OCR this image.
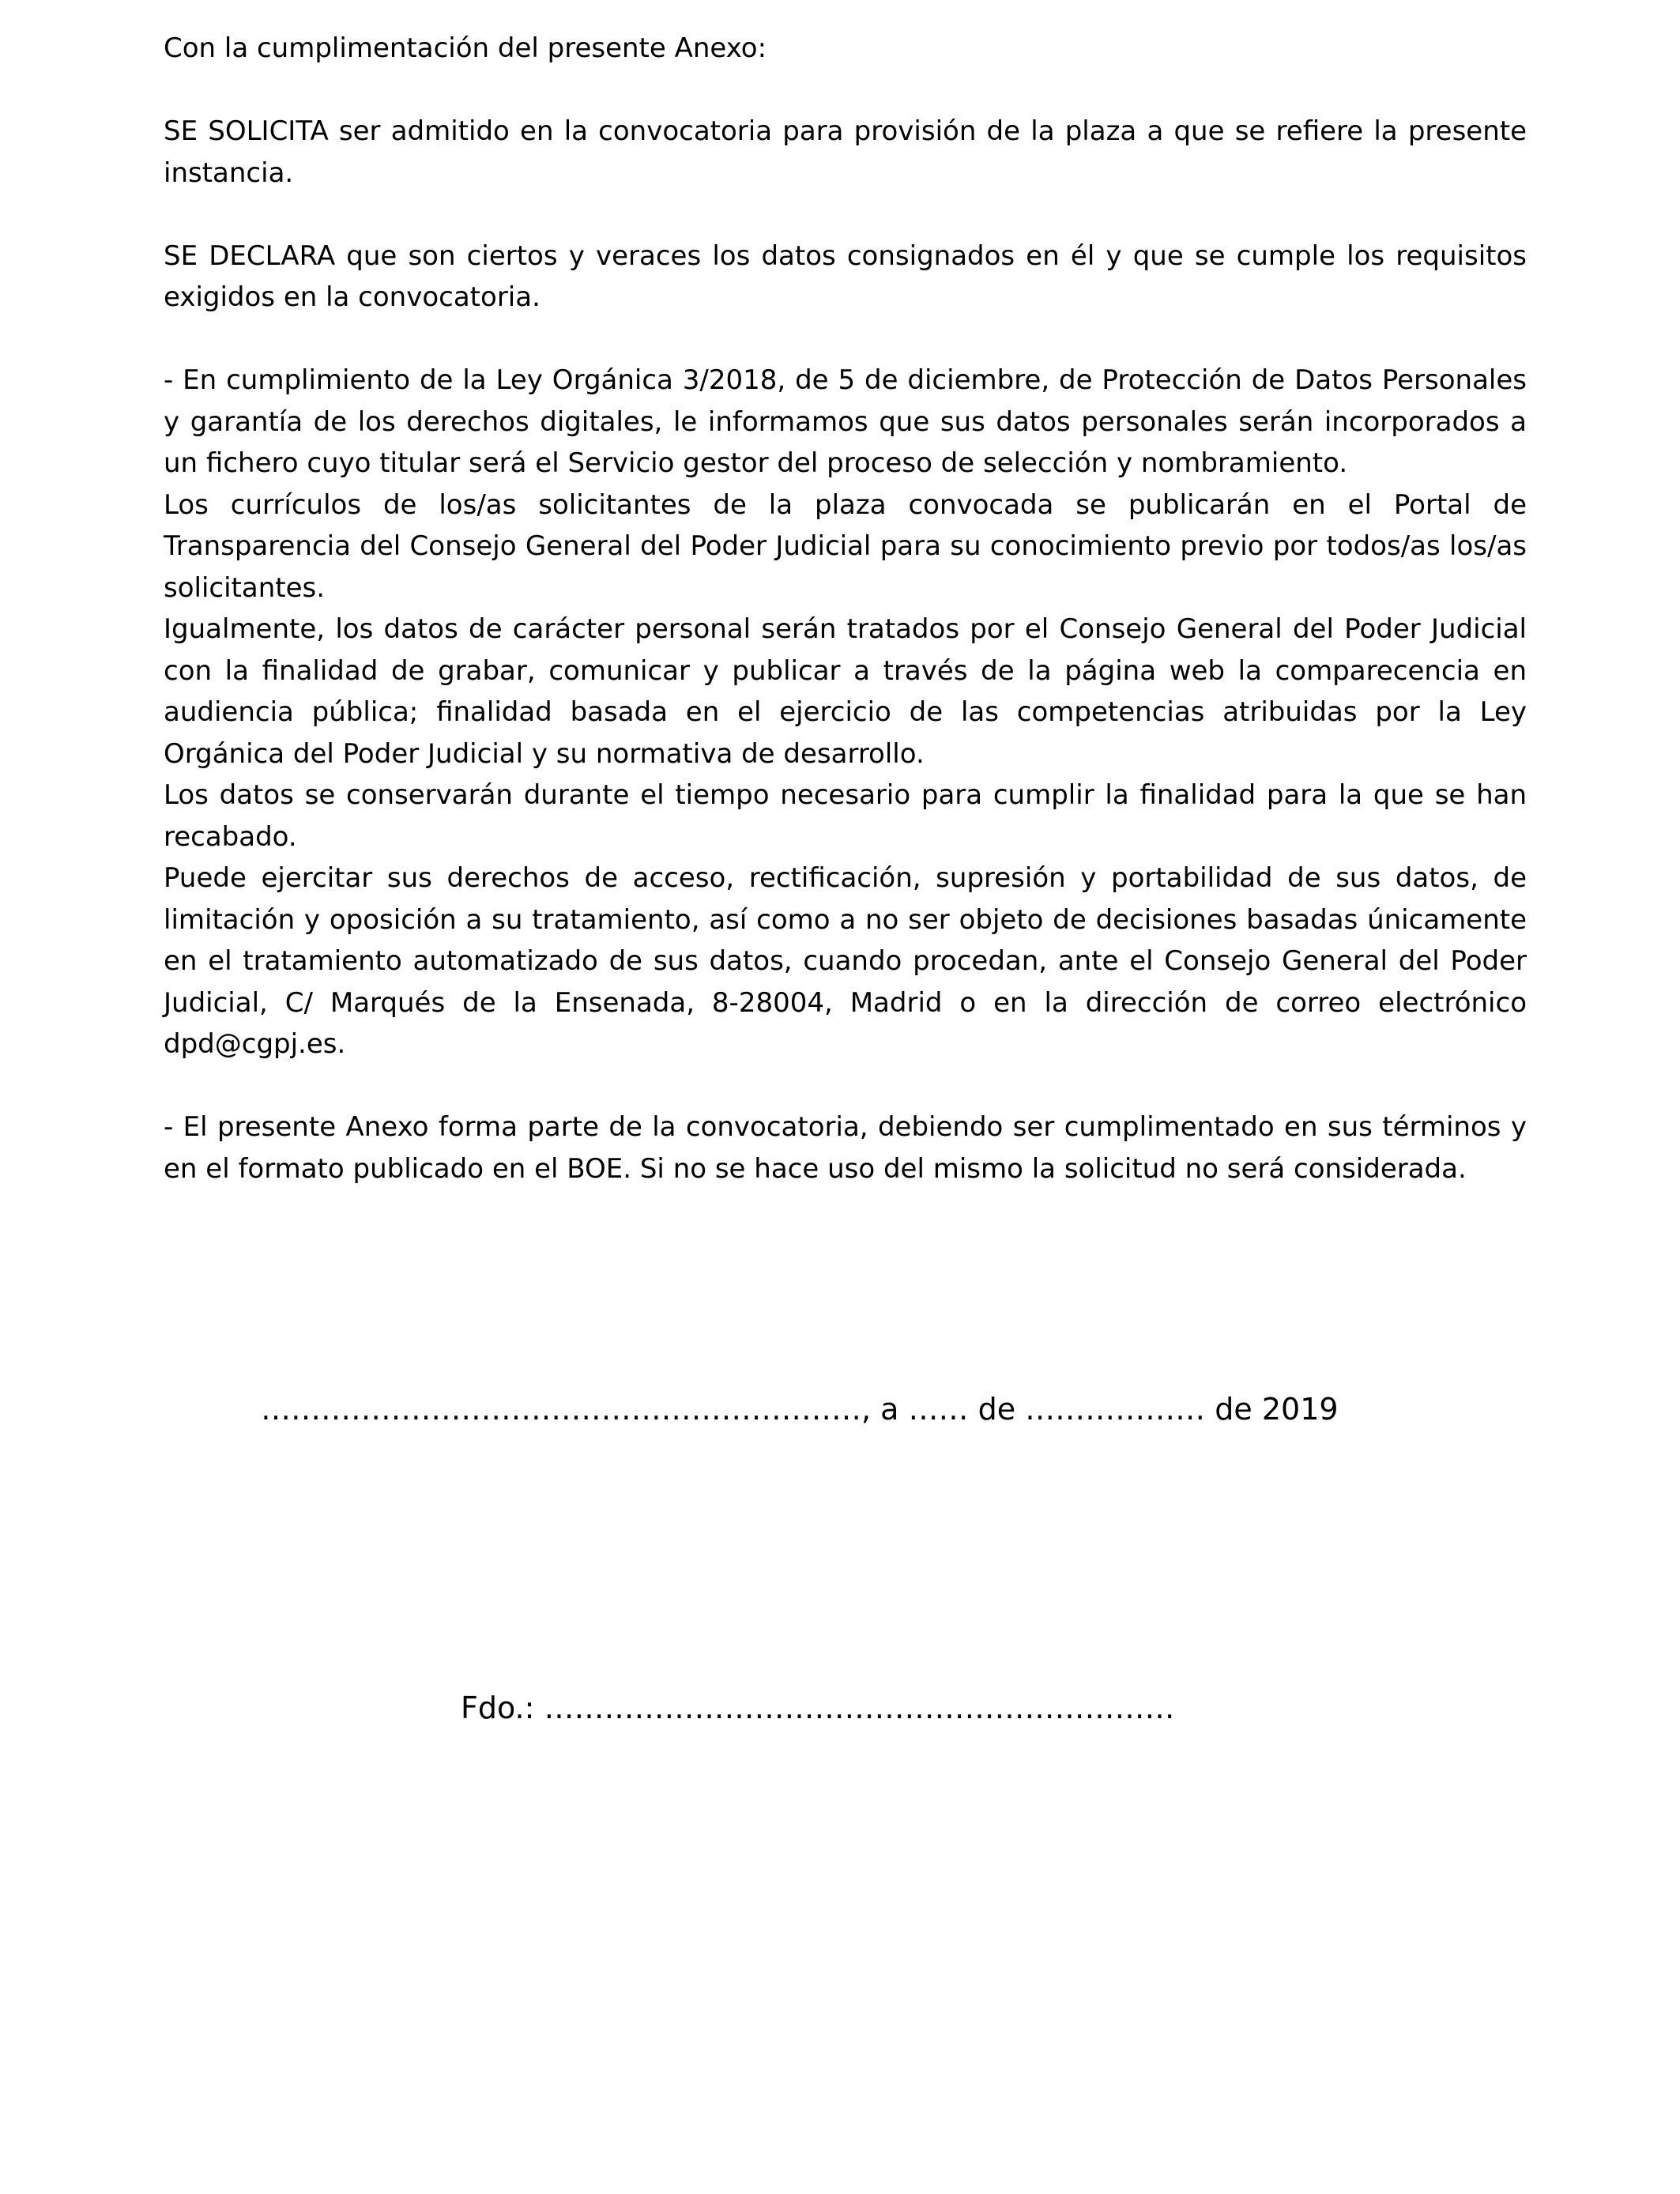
Con la cumplimentación del presente Anexo:

SE SOLICITA ser admitido en la convocatoria para provisión de la plaza a que se refiere la presente instancia.

SE DECLARA que son ciertos y veraces los datos consignados en él y que se cumple los requisitos exigidos en la convocatoria.

- En cumplimiento de la Ley Orgánica 3/2018, de 5 de diciembre, de Protección de Datos Personales y garantía de los derechos digitales, le informamos que sus datos personales serán incorporados a un fichero cuyo titular será el Servicio gestor del proceso de selección y nombramiento.

Los currículos de los/as solicitantes de la plaza convocada se publicarán en el Portal de Transparencia del Consejo General del Poder Judicial para su conocimiento previo por todos/as los/as solicitantes.

Igualmente, los datos de carácter personal serán tratados por el Consejo General del Poder Judicial con la finalidad de grabar, comunicar y publicar a través de la página web la comparecencia en audiencia pública; finalidad basada en el ejercicio de las competencias atribuidas por la Ley Orgánica del Poder Judicial y su normativa de desarrollo.

Los datos se conservarán durante el tiempo necesario para cumplir la finalidad para la que se han recabado.

Puede ejercitar sus derechos de acceso, rectificación, supresión y portabilidad de sus datos, de limitación y oposición a su tratamiento, así como a no ser objeto de decisiones basadas únicamente en el tratamiento automatizado de sus datos, cuando procedan, ante el Consejo General del Poder Judicial, C/ Marqués de la Ensenada, 8-28004, Madrid o en la dirección de correo electrónico dpd@cgpj.es.

- El presente Anexo forma parte de la convocatoria, debiendo ser cumplimentado en sus términos y en el formato publicado en el BOE. Si no se hace uso del mismo la solicitud no será considerada.

……………………………………………………, a …… de ……………… de 2019
Fdo.: ………………………………………………………
